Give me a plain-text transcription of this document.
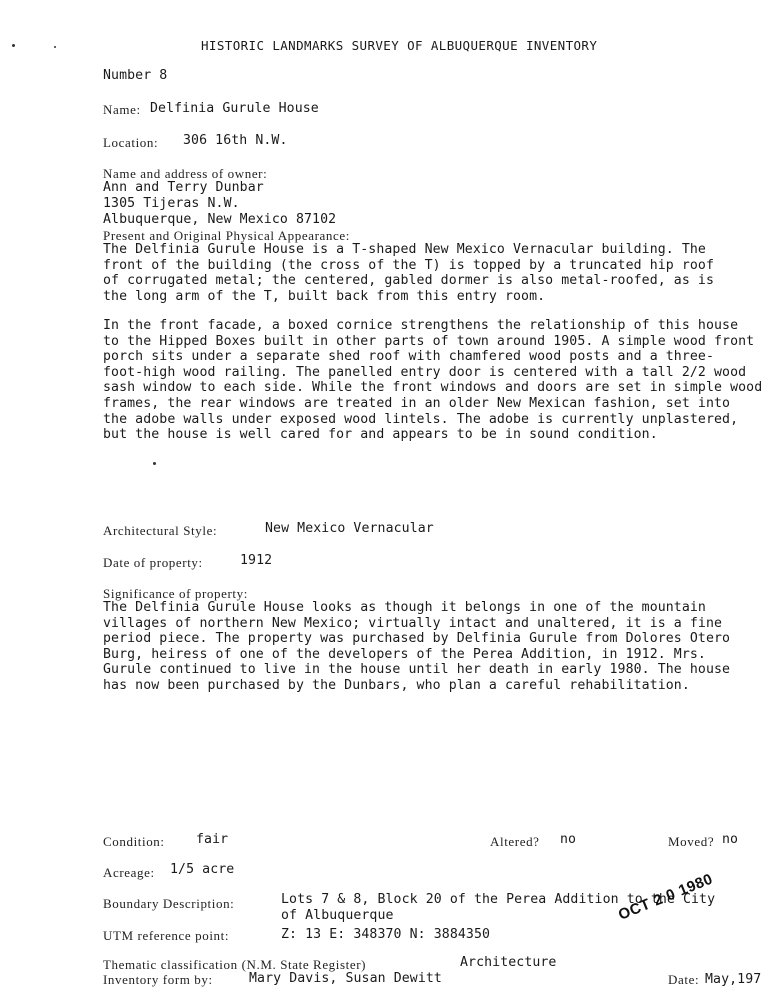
HISTORIC LANDMARKS SURVEY OF ALBUQUERQUE INVENTORY
Number 8
Name: Delfinia Gurule House
Location: 306 16th N.W.
Name and address of owner:
Ann and Terry Dunbar
1305 Tijeras N.W.
Albuquerque, New Mexico 87102
Present and Original Physical Appearance:
The Delfinia Gurule House is a T-shaped New Mexico Vernacular building. The
front of the building (the cross of the T) is topped by a truncated hip roof
of corrugated metal; the centered, gabled dormer is also metal-roofed, as is
the long arm of the T, built back from this entry room.
In the front facade, a boxed cornice strengthens the relationship of this house
to the Hipped Boxes built in other parts of town around 1905. A simple wood front
porch sits under a separate shed roof with chamfered wood posts and a three-
foot-high wood railing. The panelled entry door is centered with a tall 2/2 wood
sash window to each side. While the front windows and doors are set in simple wood
frames, the rear windows are treated in an older New Mexican fashion, set into
the adobe walls under exposed wood lintels. The adobe is currently unplastered,
but the house is well cared for and appears to be in sound condition.
Architectural Style:	New Mexico Vernacular
Date of property:	1912
Significance of property:
The Delfinia Gurule House looks as though it belongs in one of the mountain
villages of northern New Mexico; virtually intact and unaltered, it is a fine
period piece. The property was purchased by Delfinia Gurule from Dolores Otero
Burg, heiress of one of the developers of the Perea Addition, in 1912. Mrs.
Gurule continued to live in the house until her death in early 1980. The house
has now been purchased by the Dunbars, who plan a careful rehabilitation.
Condition: fair	Altered? no	Moved? no
Acreage: 1/5 acre
Boundary Description:	Lots 7 & 8, Block 20 of the Perea Addition to the City
of Albuquerque
UTM reference point:	Z: 13 E: 348370 N: 3884350
OCT 2 0 1980
Thematic classification (N.M. State Register)	Architecture
Inventory form by:	Mary Davis, Susan Dewitt	Date: May,197
